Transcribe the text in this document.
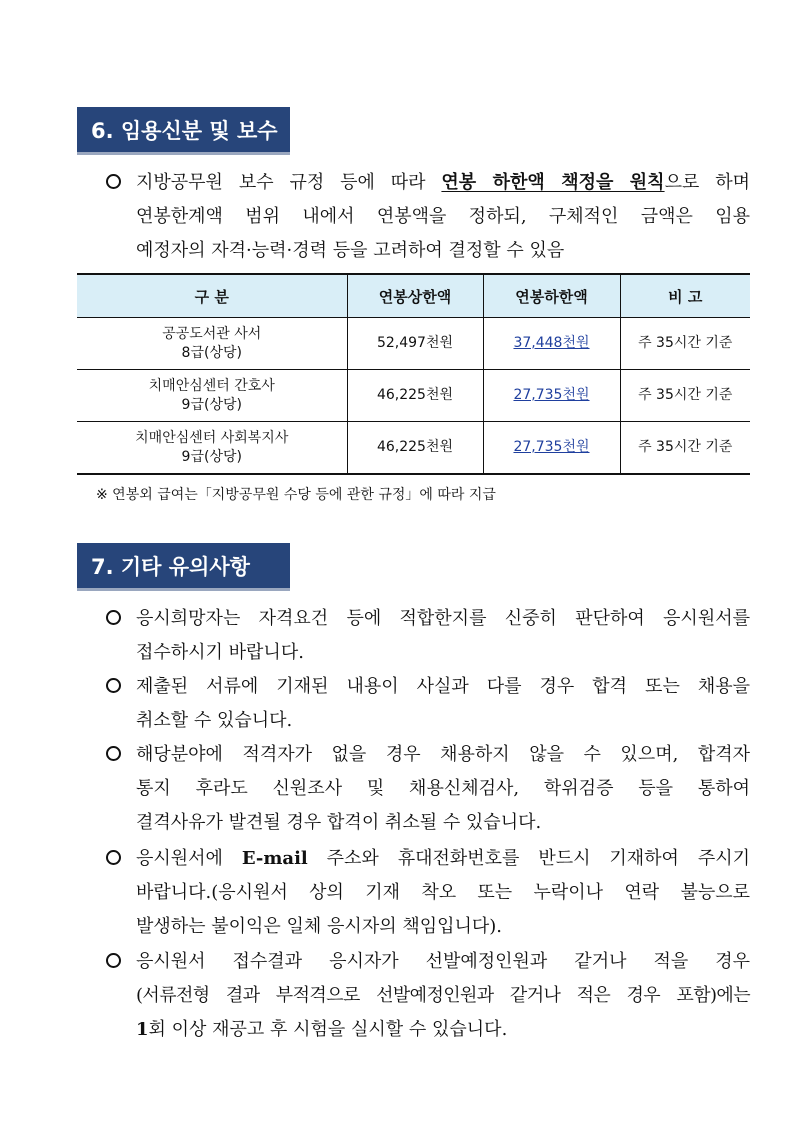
6. 임용신분 및 보수
지방공무원 보수 규정 등에 따라 연봉 하한액 책정을 원칙으로 하며
연봉한계액 범위 내에서 연봉액을 정하되, 구체적인 금액은 임용
예정자의 자격·능력·경력 등을 고려하여 결정할 수 있음
구 분	연봉상한액	연봉하한액	비 고
공공도서관 사서
8급(상당)	52,497천원	37,448천원	주 35시간 기준
치매안심센터 간호사
9급(상당)	46,225천원	27,735천원	주 35시간 기준
치매안심센터 사회복지사
9급(상당)	46,225천원	27,735천원	주 35시간 기준
※ 연봉외 급여는「지방공무원 수당 등에 관한 규정」에 따라 지급
7. 기타 유의사항
응시희망자는 자격요건 등에 적합한지를 신중히 판단하여 응시원서를
접수하시기 바랍니다.
제출된 서류에 기재된 내용이 사실과 다를 경우 합격 또는 채용을
취소할 수 있습니다.
해당분야에 적격자가 없을 경우 채용하지 않을 수 있으며, 합격자
통지 후라도 신원조사 및 채용신체검사, 학위검증 등을 통하여
결격사유가 발견될 경우 합격이 취소될 수 있습니다.
응시원서에 E-mail 주소와 휴대전화번호를 반드시 기재하여 주시기
바랍니다.(응시원서 상의 기재 착오 또는 누락이나 연락 불능으로
발생하는 불이익은 일체 응시자의 책임입니다).
응시원서 접수결과 응시자가 선발예정인원과 같거나 적을 경우
(서류전형 결과 부적격으로 선발예정인원과 같거나 적은 경우 포함)에는
1회 이상 재공고 후 시험을 실시할 수 있습니다.
